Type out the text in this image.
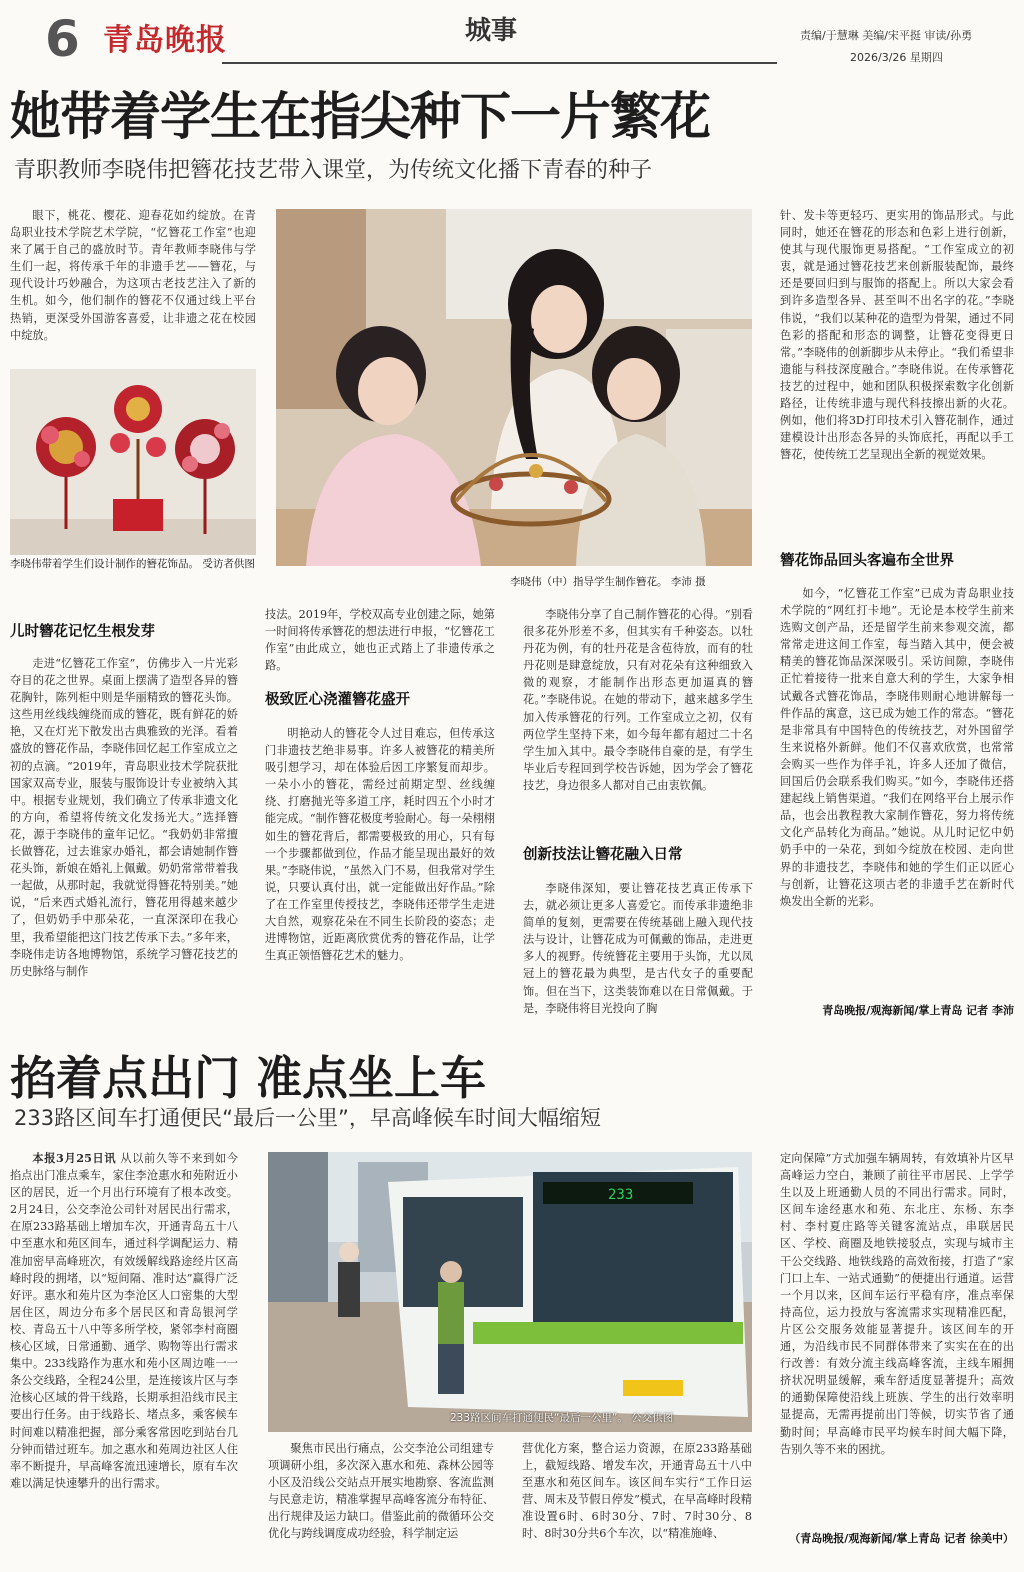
6 青岛晚报	城事	责编/于慧琳 美编/宋平挺 审读/孙勇
2026/3/26 星期四
她带着学生在指尖种下一片繁花
青职教师李晓伟把簪花技艺带入课堂，为传统文化播下青春的种子

眼下，桃花、樱花、迎春花如约绽放。在青岛职业技术学院艺术学院，“忆簪花工作室”也迎来了属于自己的盛放时节。青年教师李晓伟与学生们一起，将传承千年的非遗手艺——簪花，与现代设计巧妙融合，为这项古老技艺注入了新的生机。如今，他们制作的簪花不仅通过线上平台热销，更深受外国游客喜爱，让非遗之花在校园中绽放。

李晓伟带着学生们设计制作的簪花饰品。 受访者供图
李晓伟（中）指导学生制作簪花。 李沛 摄
儿时簪花记忆生根发芽

走进“忆簪花工作室”，仿佛步入一片光彩夺目的花之世界。桌面上摆满了造型各异的簪花胸针，陈列柜中则是华丽精致的簪花头饰。这些用丝线线缠绕而成的簪花，既有鲜花的娇艳，又在灯光下散发出古典雅致的光泽。看着盛放的簪花作品，李晓伟回忆起工作室成立之初的点滴。“2019年，青岛职业技术学院获批国家双高专业，服装与服饰设计专业被纳入其中。根据专业规划，我们确立了传承非遗文化的方向，希望将传统文化发扬光大。”选择簪花，源于李晓伟的童年记忆。“我奶奶非常擅长做簪花，过去谁家办婚礼，都会请她制作簪花头饰，新娘在婚礼上佩戴。奶奶常常带着我一起做，从那时起，我就觉得簪花特别美。”她说，“后来西式婚礼流行，簪花用得越来越少了，但奶奶手中那朵花，一直深深印在我心里，我希望能把这门技艺传承下去。”多年来，李晓伟走访各地博物馆，系统学习簪花技艺的历史脉络与制作

技法。2019年，学校双高专业创建之际，她第一时间将传承簪花的想法进行申报，“忆簪花工作室”由此成立，她也正式踏上了非遗传承之路。

极致匠心浇灌簪花盛开

明艳动人的簪花令人过目难忘，但传承这门非遗技艺绝非易事。许多人被簪花的精美所吸引想学习，却在体验后因工序繁复而却步。一朵小小的簪花，需经过前期定型、丝线缠绕、打磨抛光等多道工序，耗时四五个小时才能完成。“制作簪花极度考验耐心。每一朵栩栩如生的簪花背后，都需要极致的用心，只有每一个步骤都做到位，作品才能呈现出最好的效果。”李晓伟说，“虽然入门不易，但我常对学生说，只要认真付出，就一定能做出好作品。”除了在工作室里传授技艺，李晓伟还带学生走进大自然，观察花朵在不同生长阶段的姿态；走进博物馆，近距离欣赏优秀的簪花作品，让学生真正领悟簪花艺术的魅力。

李晓伟分享了自己制作簪花的心得。“别看很多花外形差不多，但其实有千种姿态。以牡丹花为例，有的牡丹花是含苞待放，而有的牡丹花则是肆意绽放，只有对花朵有这种细致入微的观察，才能制作出形态更加逼真的簪花。”李晓伟说。在她的带动下，越来越多学生加入传承簪花的行列。工作室成立之初，仅有两位学生坚持下来，如今每年都有超过二十名学生加入其中。最令李晓伟自豪的是，有学生毕业后专程回到学校告诉她，因为学会了簪花技艺，身边很多人都对自己由衷钦佩。

创新技法让簪花融入日常

李晓伟深知，要让簪花技艺真正传承下去，就必须让更多人喜爱它。而传承非遗绝非简单的复刻，更需要在传统基础上融入现代技法与设计，让簪花成为可佩戴的饰品，走进更多人的视野。传统簪花主要用于头饰，尤以凤冠上的簪花最为典型，是古代女子的重要配饰。但在当下，这类装饰难以在日常佩戴。于是，李晓伟将目光投向了胸

针、发卡等更轻巧、更实用的饰品形式。与此同时，她还在簪花的形态和色彩上进行创新，使其与现代服饰更易搭配。“工作室成立的初衷，就是通过簪花技艺来创新服装配饰，最终还是要回归到与服饰的搭配上。所以大家会看到许多造型各异、甚至叫不出名字的花。”李晓伟说，“我们以某种花的造型为骨架，通过不同色彩的搭配和形态的调整，让簪花变得更日常。”李晓伟的创新脚步从未停止。“我们希望非遗能与科技深度融合。”李晓伟说。在传承簪花技艺的过程中，她和团队积极探索数字化创新路径，让传统非遗与现代科技擦出新的火花。例如，他们将3D打印技术引入簪花制作，通过建模设计出形态各异的头饰底托，再配以手工簪花，使传统工艺呈现出全新的视觉效果。

簪花饰品回头客遍布全世界

如今，“忆簪花工作室”已成为青岛职业技术学院的“网红打卡地”。无论是本校学生前来选购文创产品，还是留学生前来参观交流，都常常走进这间工作室，每当踏入其中，便会被精美的簪花饰品深深吸引。采访间隙，李晓伟正忙着接待一批来自意大利的学生，大家争相试戴各式簪花饰品，李晓伟则耐心地讲解每一件作品的寓意，这已成为她工作的常态。“簪花是非常具有中国特色的传统技艺，对外国留学生来说格外新鲜。他们不仅喜欢欣赏，也常常会购买一些作为伴手礼，许多人还加了微信，回国后仍会联系我们购买。”如今，李晓伟还搭建起线上销售渠道。“我们在网络平台上展示作品，也会出教程教大家制作簪花，努力将传统文化产品转化为商品。”她说。从儿时记忆中奶奶手中的一朵花，到如今绽放在校园、走向世界的非遗技艺，李晓伟和她的学生们正以匠心与创新，让簪花这项古老的非遗手艺在新时代焕发出全新的光彩。

青岛晚报/观海新闻/掌上青岛 记者 李沛
掐着点出门 准点坐上车
233路区间车打通便民“最后一公里”，早高峰候车时间大幅缩短

本报3月25日讯 从以前久等不来到如今掐点出门准点乘车，家住李沧惠水和苑附近小区的居民，近一个月出行环境有了根本改变。2月24日，公交李沧公司针对居民出行需求，在原233路基础上增加车次，开通青岛五十八中至惠水和苑区间车，通过科学调配运力、精准加密早高峰班次，有效缓解线路途经片区高峰时段的拥堵，以“短间隔、准时达”赢得广泛好评。惠水和苑片区为李沧区人口密集的大型居住区，周边分布多个居民区和青岛银河学校、青岛五十八中等多所学校，紧邻李村商圈核心区域，日常通勤、通学、购物等出行需求集中。233线路作为惠水和苑小区周边唯一一条公交线路，全程24公里，是连接该片区与李沧核心区域的骨干线路，长期承担沿线市民主要出行任务。由于线路长、堵点多，乘客候车时间难以精准把握，部分乘客常因吃到站台几分钟而错过班车。加之惠水和苑周边社区人住率不断提升，早高峰客流迅速增长，原有车次难以满足快速攀升的出行需求。

233
233路区间车打通便民“最后一公里”。 公交供图

聚焦市民出行痛点，公交李沧公司组建专项调研小组，多次深入惠水和苑、森林公园等小区及沿线公交站点开展实地勘察、客流监测与民意走访，精准掌握早高峰客流分布特征、出行规律及运力缺口。借鉴此前的微循环公交优化与跨线调度成功经验，科学制定运

营优化方案，整合运力资源，在原233路基础上，截短线路、增发车次，开通青岛五十八中至惠水和苑区间车。该区间车实行“工作日运营、周末及节假日停发”模式，在早高峰时段精准设置6时、6时30分、7时、7时30分、8时、8时30分共6个车次，以“精准施峰、

定向保障”方式加强车辆周转，有效填补片区早高峰运力空白，兼顾了前往平市居民、上学学生以及上班通勤人员的不同出行需求。同时，区间车途经惠水和苑、东北庄、东杨、东李村、李村夏庄路等关键客流站点，串联居民区、学校、商圈及地铁接驳点，实现与城市主干公交线路、地铁线路的高效衔接，打造了“家门口上车、一站式通勤”的便捷出行通道。运营一个月以来，区间车运行平稳有序，准点率保持高位，运力投放与客流需求实现精准匹配，片区公交服务效能显著提升。该区间车的开通，为沿线市民不同群体带来了实实在在的出行改善：有效分流主线高峰客流，主线车厢拥挤状况明显缓解，乘车舒适度显著提升；高效的通勤保障使沿线上班族、学生的出行效率明显提高，无需再提前出门等候，切实节省了通勤时间；早高峰市民平均候车时间大幅下降，告别久等不来的困扰。

（青岛晚报/观海新闻/掌上青岛 记者 徐美中）
